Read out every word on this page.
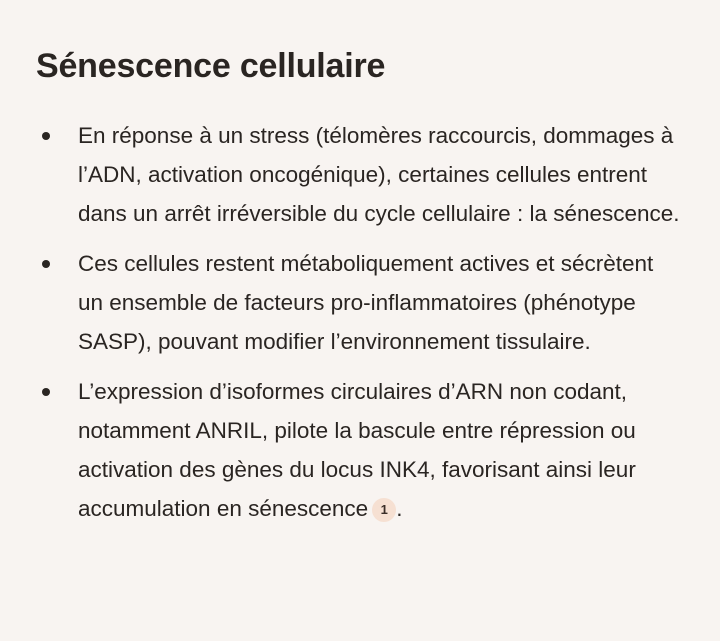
Sénescence cellulaire
En réponse à un stress (télomères raccourcis, dommages à l’ADN, activation oncogénique), certaines cellules entrent dans un arrêt irréversible du cycle cellulaire : la sénescence.
Ces cellules restent métaboliquement actives et sécrètent un ensemble de facteurs pro-inflammatoires (phénotype SASP), pouvant modifier l’environnement tissulaire.
L’expression d’isoformes circulaires d’ARN non codant, notamment ANRIL, pilote la bascule entre répression ou activation des gènes du locus INK4, favorisant ainsi leur accumulation en sénescence 1 .
